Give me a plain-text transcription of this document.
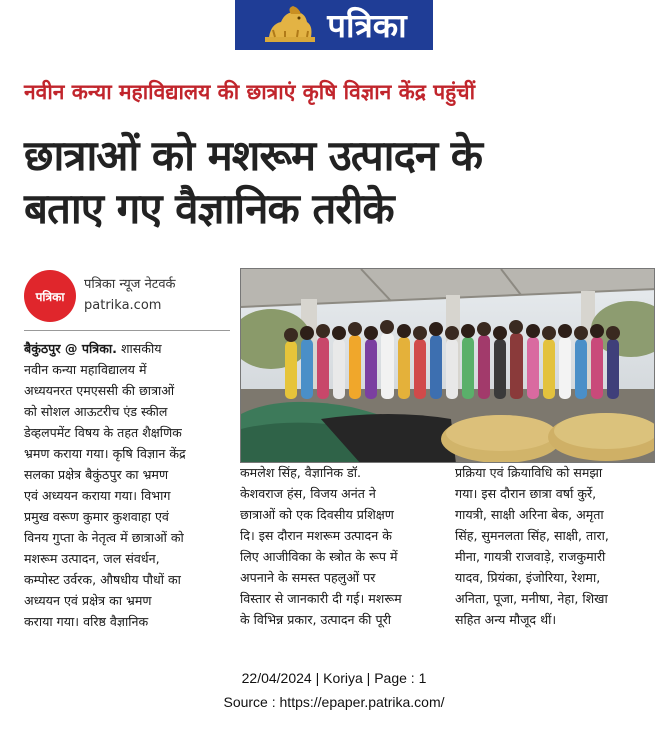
पत्रिका
नवीन कन्या महाविद्यालय की छात्राएं कृषि विज्ञान केंद्र पहुंचीं
छात्राओं को मशरूम उत्पादन के
बताए गए वैज्ञानिक तरीके
पत्रिका
पत्रिका न्यूज नेटवर्क
patrika.com
बैकुंठपुर @ पत्रिका. शासकीय
नवीन कन्या महाविद्यालय में
अध्ययनरत एमएससी की छात्राओं
को सोशल आऊटरीच एंड स्कील
डेव्हलपमेंट विषय के तहत शैक्षणिक
भ्रमण कराया गया। कृषि विज्ञान केंद्र
सलका प्रक्षेत्र बैकुंठपुर का भ्रमण
एवं अध्ययन कराया गया। विभाग
प्रमुख वरूण कुमार कुशवाहा एवं
विनय गुप्ता के नेतृत्व में छात्राओं को
मशरूम उत्पादन, जल संवर्धन,
कम्पोस्ट उर्वरक, औषधीय पौधों का
अध्ययन एवं प्रक्षेत्र का भ्रमण
कराया गया। वरिष्ठ वैज्ञानिक
कमलेश सिंह, वैज्ञानिक डॉ.
केशवराज हंस, विजय अनंत ने
छात्राओं को एक दिवसीय प्रशिक्षण
दि। इस दौरान मशरूम उत्पादन के
लिए आजीविका के स्त्रोत के रूप में
अपनाने के समस्त पहलुओं पर
विस्तार से जानकारी दी गई। मशरूम
के विभिन्न प्रकार, उत्पादन की पूरी
प्रक्रिया एवं क्रियाविधि को समझा
गया। इस दौरान छात्रा वर्षा कुर्रे,
गायत्री, साक्षी अरिना बेक, अमृता
सिंह, सुमनलता सिंह, साक्षी, तारा,
मीना, गायत्री राजवाड़े, राजकुमारी
यादव, प्रियंका, इंजोरिया, रेशमा,
अनिता, पूजा, मनीषा, नेहा, शिखा
सहित अन्य मौजूद थीं।
22/04/2024 | Koriya | Page : 1
Source : https://epaper.patrika.com/
